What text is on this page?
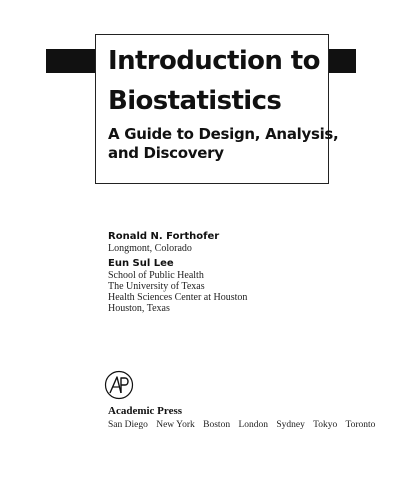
Introduction to
Biostatistics
A Guide to Design, Analysis,
and Discovery
Ronald N. Forthofer
Longmont, Colorado
Eun Sul Lee
School of Public Health
The University of Texas
Health Sciences Center at Houston
Houston, Texas
Academic Press
San Diego New York Boston London Sydney Tokyo Toronto
